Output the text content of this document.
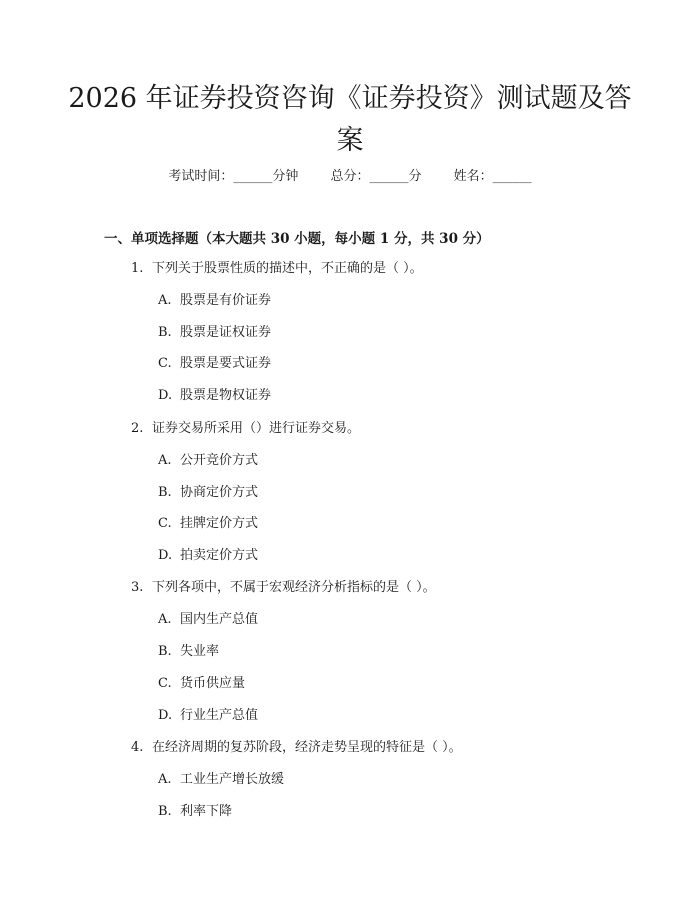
2026 年证券投资咨询《证券投资》测试题及答案
考试时间：______分钟 总分：______分 姓名：______
一、单项选择题（本大题共 30 小题，每小题 1 分，共 30 分）
1. 下列关于股票性质的描述中，不正确的是（ ）。
A. 股票是有价证券
B. 股票是证权证券
C. 股票是要式证券
D. 股票是物权证券
2. 证券交易所采用（）进行证券交易。
A. 公开竞价方式
B. 协商定价方式
C. 挂牌定价方式
D. 拍卖定价方式
3. 下列各项中，不属于宏观经济分析指标的是（ ）。
A. 国内生产总值
B. 失业率
C. 货币供应量
D. 行业生产总值
4. 在经济周期的复苏阶段，经济走势呈现的特征是（ ）。
A. 工业生产增长放缓
B. 利率下降
